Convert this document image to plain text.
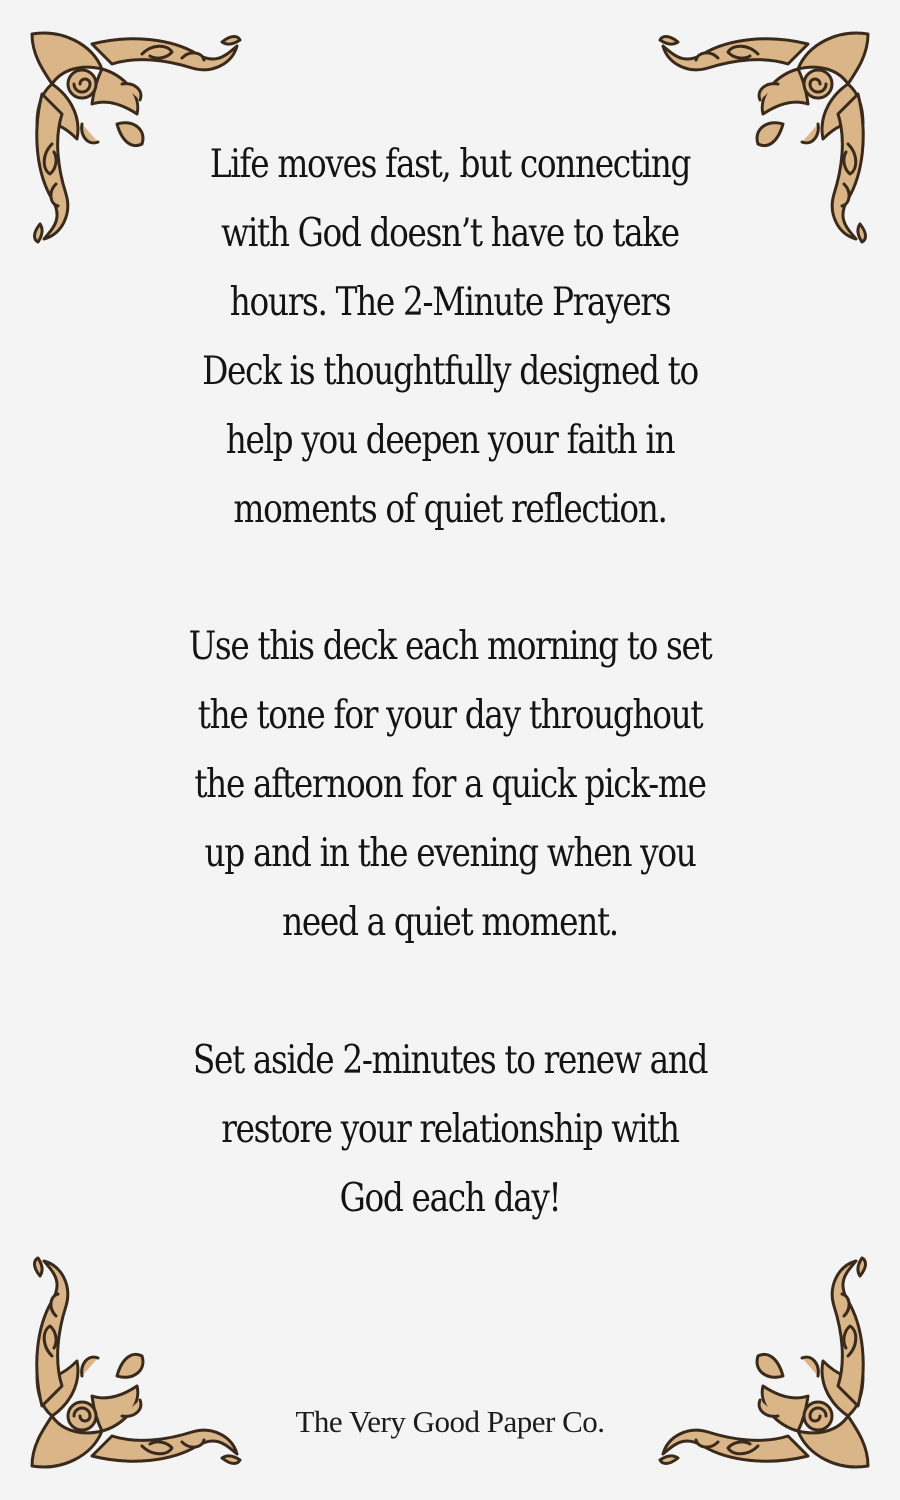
Life moves fast, but connecting
with God doesn’t have to take
hours. The 2-Minute Prayers
Deck is thoughtfully designed to
help you deepen your faith in
moments of quiet reflection.
Use this deck each morning to set
the tone for your day throughout
the afternoon for a quick pick-me
up and in the evening when you
need a quiet moment.
Set aside 2-minutes to renew and
restore your relationship with
God each day!
The Very Good Paper Co.
